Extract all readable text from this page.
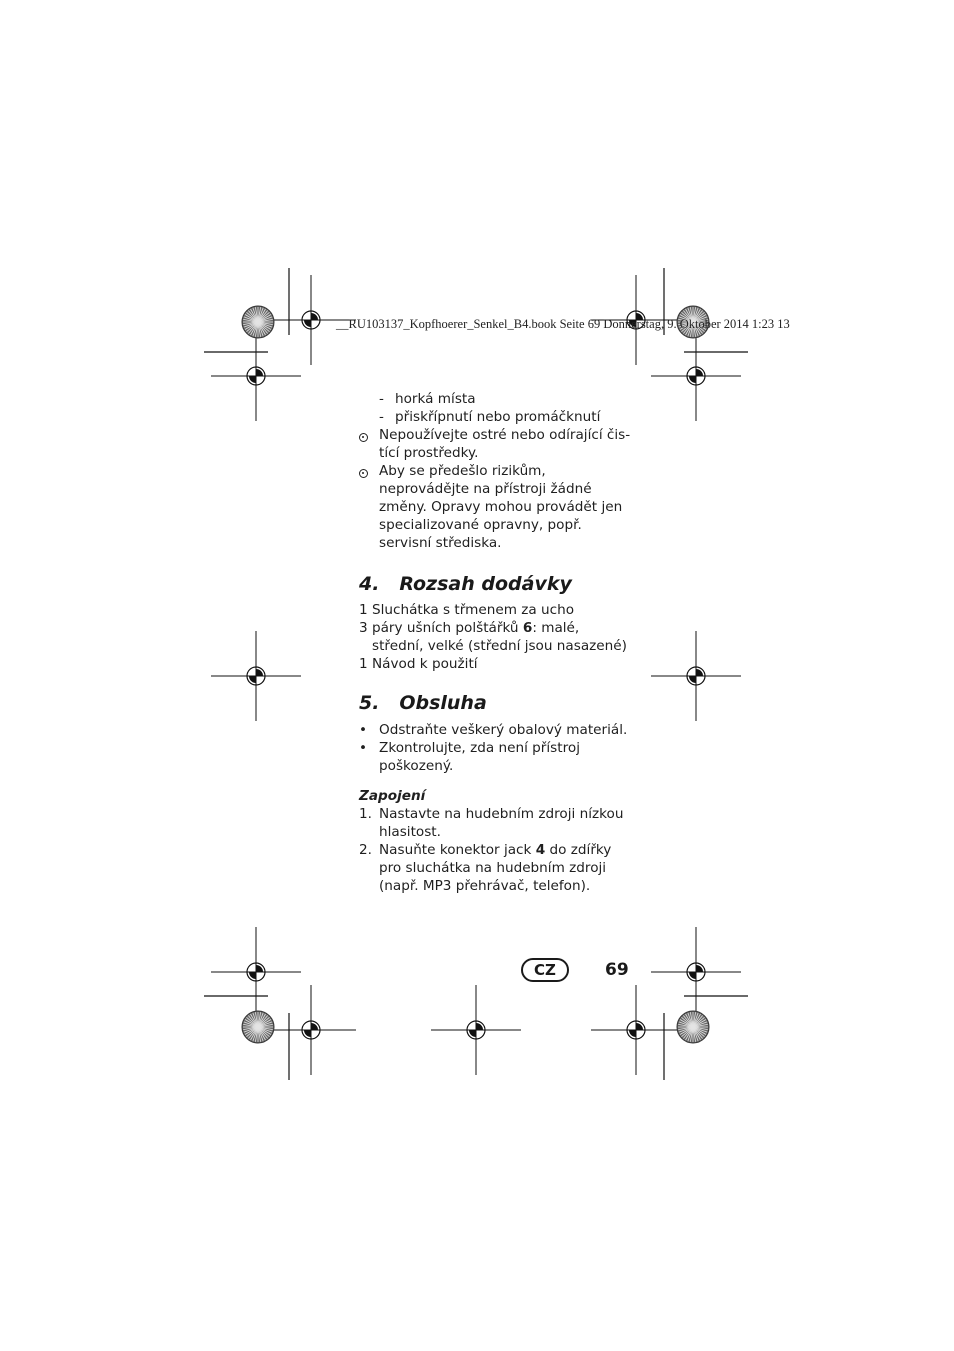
__RU103137_Kopfhoerer_Senkel_B4.book Seite 69 Donnerstag, 9. Oktober 2014 1:23 13

- horká místa

- přiskřípnutí nebo promáčknutí

Nepoužívejte ostré nebo odírající čis-tící prostředky.

Aby se předešlo rizikům, neprovádějte na přístroji žádné změny. Opravy mohou provádět jen specializované opravny, popř. servisní střediska.

4. Rozsah dodávky

1 Sluchátka s třmenem za ucho

3 páry ušních polštářků 6: malé, střední, velké (střední jsou nasazené)

1 Návod k použití

5. Obsluha

• Odstraňte veškerý obalový materiál.

• Zkontrolujte, zda není přístroj poškozený.

Zapojení

1. Nastavte na hudebním zdroji nízkou hlasitost.

2. Nasuňte konektor jack 4 do zdířky pro sluchátka na hudebním zdroji (např. MP3 přehrávač, telefon).

CZ	69
